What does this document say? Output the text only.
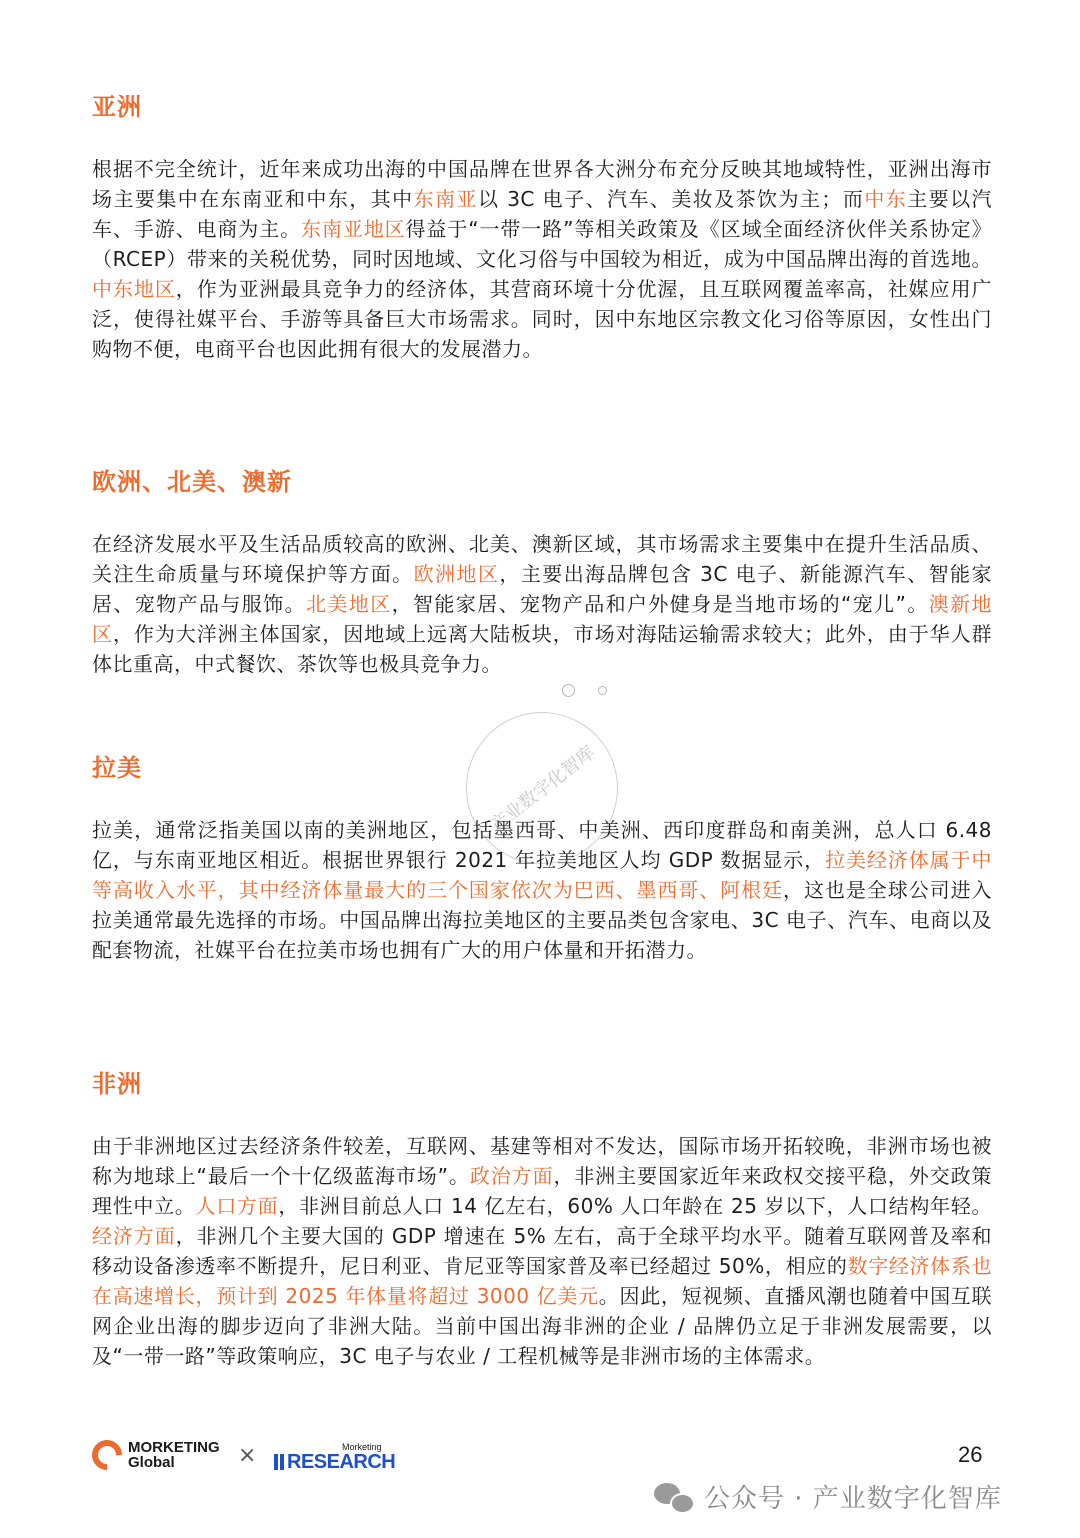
亚洲

根据不完全统计，近年来成功出海的中国品牌在世界各大洲分布充分反映其地域特性，亚洲出海市场主要集中在东南亚和中东，其中东南亚以 3C 电子、汽车、美妆及茶饮为主；而中东主要以汽车、手游、电商为主。东南亚地区得益于“一带一路”等相关政策及《区域全面经济伙伴关系协定》（RCEP）带来的关税优势，同时因地域、文化习俗与中国较为相近，成为中国品牌出海的首选地。中东地区，作为亚洲最具竞争力的经济体，其营商环境十分优渥，且互联网覆盖率高，社媒应用广泛，使得社媒平台、手游等具备巨大市场需求。同时，因中东地区宗教文化习俗等原因，女性出门购物不便，电商平台也因此拥有很大的发展潜力。

欧洲、北美、澳新

在经济发展水平及生活品质较高的欧洲、北美、澳新区域，其市场需求主要集中在提升生活品质、关注生命质量与环境保护等方面。欧洲地区，主要出海品牌包含 3C 电子、新能源汽车、智能家居、宠物产品与服饰。北美地区，智能家居、宠物产品和户外健身是当地市场的“宠儿”。澳新地区，作为大洋洲主体国家，因地域上远离大陆板块，市场对海陆运输需求较大；此外，由于华人群体比重高，中式餐饮、茶饮等也极具竞争力。

产业数字化智库
拉美

拉美，通常泛指美国以南的美洲地区，包括墨西哥、中美洲、西印度群岛和南美洲，总人口 6.48 亿，与东南亚地区相近。根据世界银行 2021 年拉美地区人均 GDP 数据显示，拉美经济体属于中等高收入水平，其中经济体量最大的三个国家依次为巴西、墨西哥、阿根廷，这也是全球公司进入拉美通常最先选择的市场。中国品牌出海拉美地区的主要品类包含家电、3C 电子、汽车、电商以及配套物流，社媒平台在拉美市场也拥有广大的用户体量和开拓潜力。

非洲

由于非洲地区过去经济条件较差，互联网、基建等相对不发达，国际市场开拓较晚，非洲市场也被称为地球上“最后一个十亿级蓝海市场”。政治方面，非洲主要国家近年来政权交接平稳，外交政策理性中立。人口方面，非洲目前总人口 14 亿左右，60% 人口年龄在 25 岁以下，人口结构年轻。经济方面，非洲几个主要大国的 GDP 增速在 5% 左右，高于全球平均水平。随着互联网普及率和移动设备渗透率不断提升，尼日利亚、肯尼亚等国家普及率已经超过 50%，相应的数字经济体系也在高速增长，预计到 2025 年体量将超过 3000 亿美元。因此，短视频、直播风潮也随着中国互联网企业出海的脚步迈向了非洲大陆。当前中国出海非洲的企业 / 品牌仍立足于非洲发展需要，以及“一带一路”等政策响应，3C 电子与农业 / 工程机械等是非洲市场的主体需求。

MORKETING
Global	×	Morketing
RESEARCH	26
公众号 · 产业数字化智库
